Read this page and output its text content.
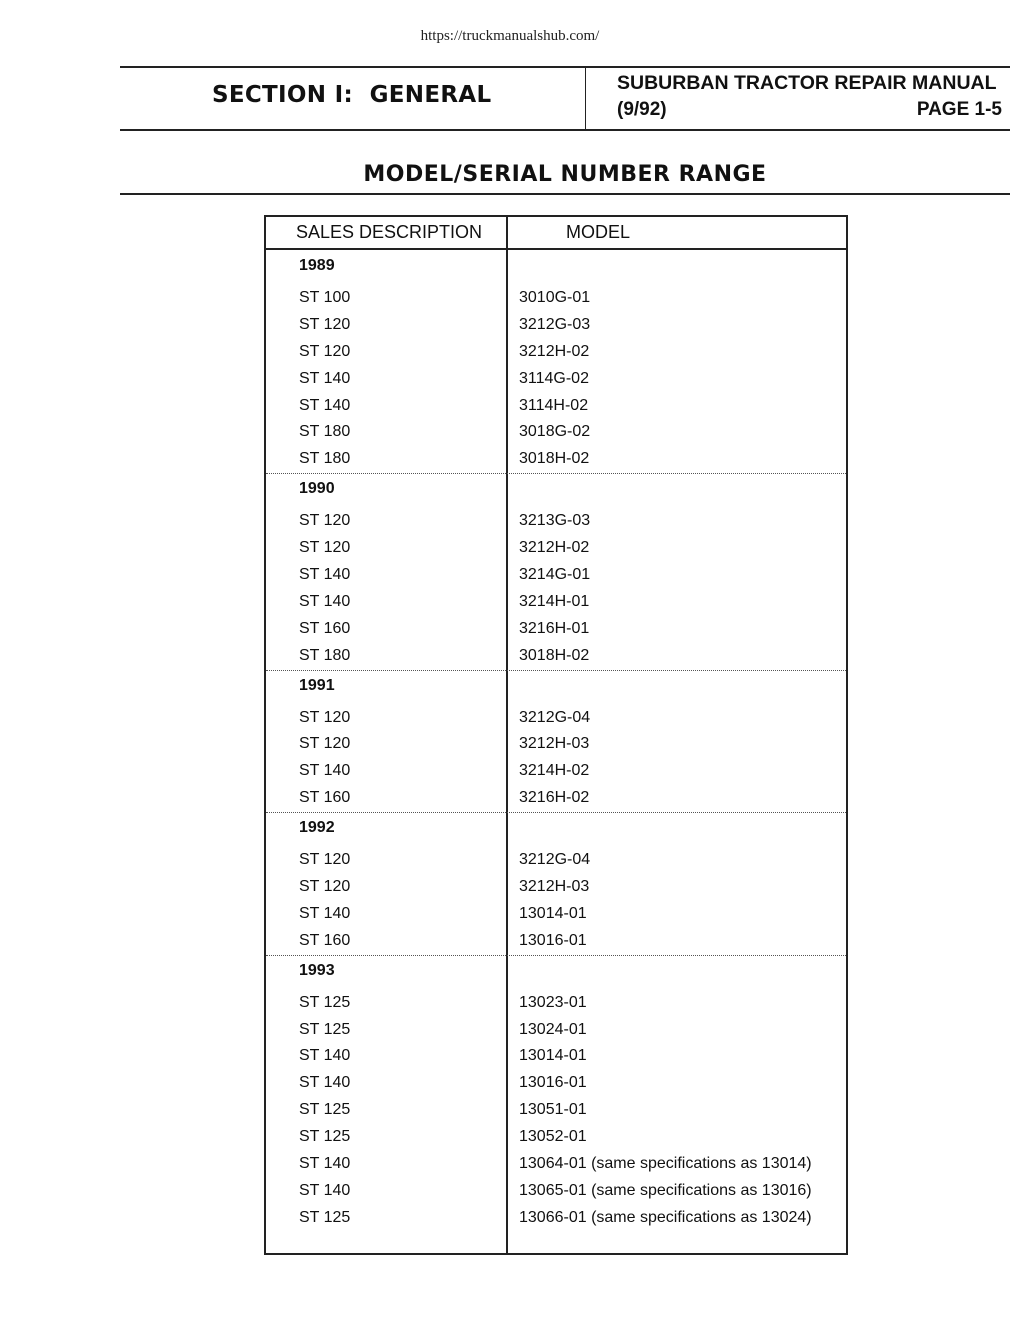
https://truckmanualshub.com/
SECTION I:  GENERAL	SUBURBAN TRACTOR REPAIR MANUAL
(9/92)	PAGE 1-5
MODEL/SERIAL NUMBER RANGE
SALES DESCRIPTION	MODEL
1989
ST 100	3010G-01
ST 120	3212G-03
ST 120	3212H-02
ST 140	3114G-02
ST 140	3114H-02
ST 180	3018G-02
ST 180	3018H-02
1990
ST 120	3213G-03
ST 120	3212H-02
ST 140	3214G-01
ST 140	3214H-01
ST 160	3216H-01
ST 180	3018H-02
1991
ST 120	3212G-04
ST 120	3212H-03
ST 140	3214H-02
ST 160	3216H-02
1992
ST 120	3212G-04
ST 120	3212H-03
ST 140	13014-01
ST 160	13016-01
1993
ST 125	13023-01
ST 125	13024-01
ST 140	13014-01
ST 140	13016-01
ST 125	13051-01
ST 125	13052-01
ST 140	13064-01 (same specifications as 13014)
ST 140	13065-01 (same specifications as 13016)
ST 125	13066-01 (same specifications as 13024)
